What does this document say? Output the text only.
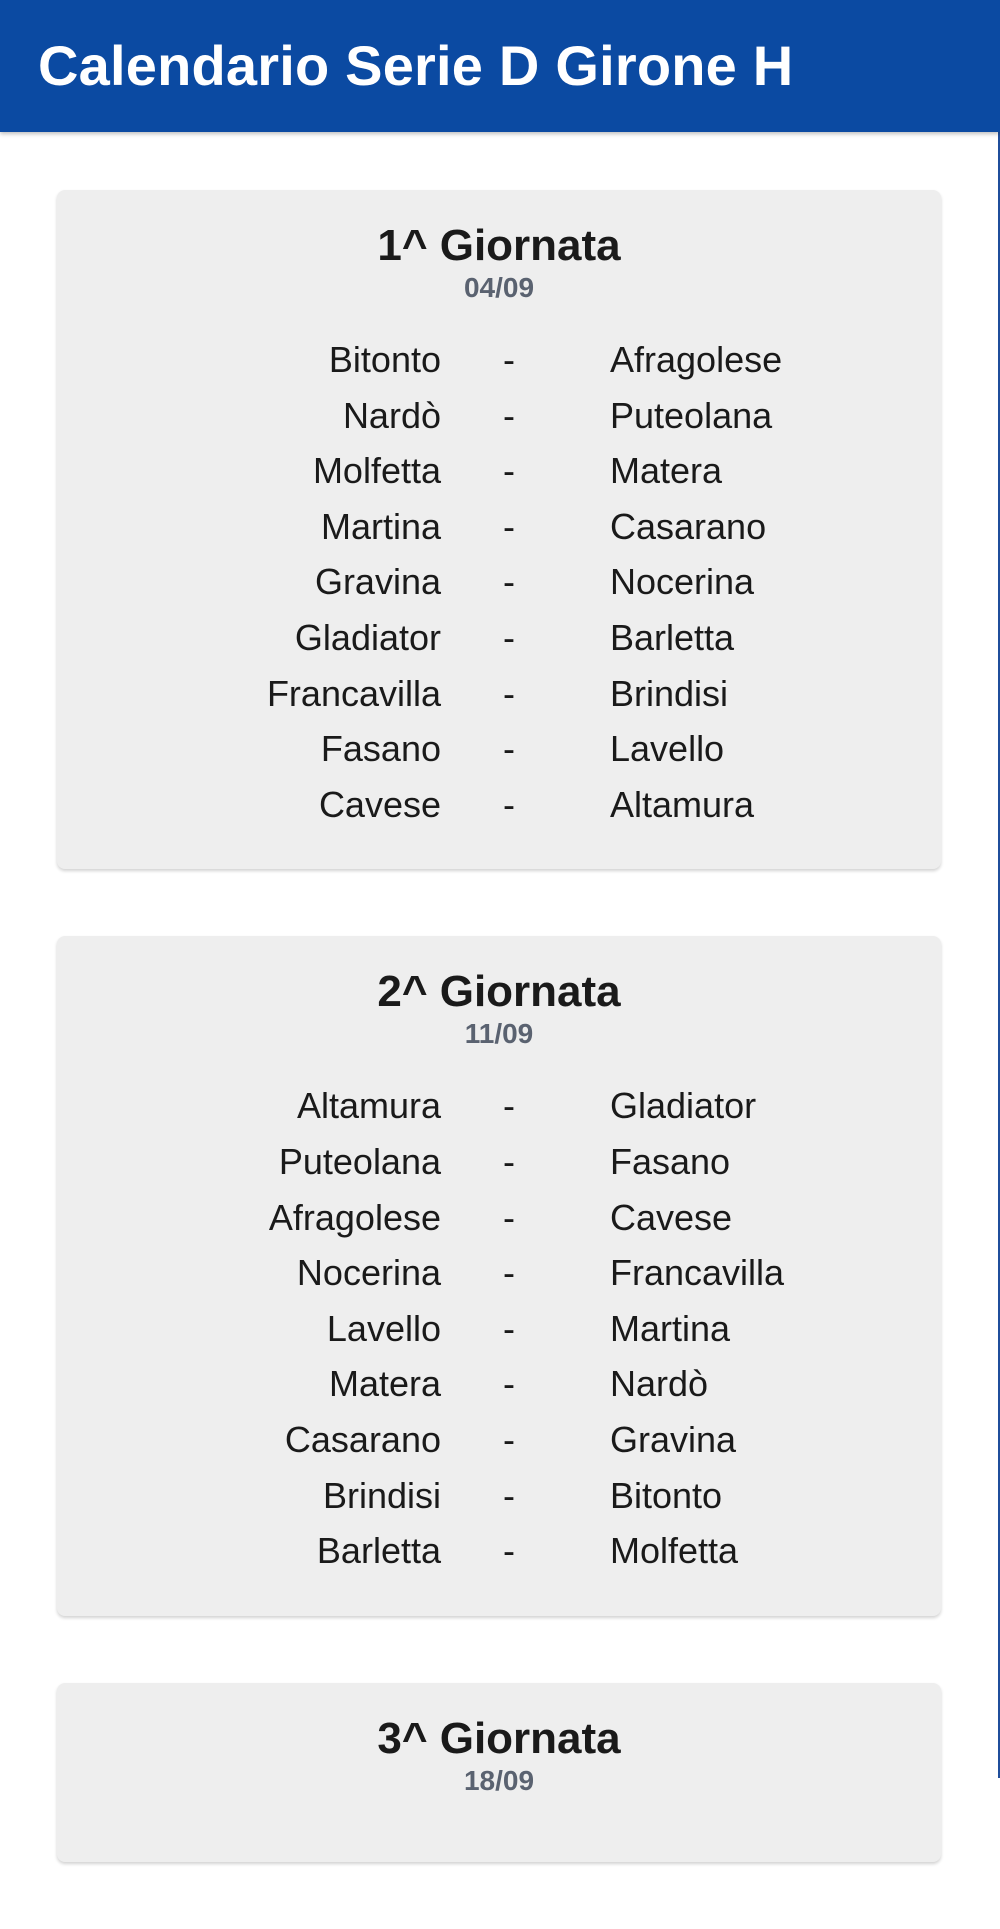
Calendario Serie D Girone H
1^ Giornata
04/09
Bitonto -	Afragolese
Nardò -	Puteolana
Molfetta -	Matera
Martina -	Casarano
Gravina -	Nocerina
Gladiator -	Barletta
Francavilla -	Brindisi
Fasano -	Lavello
Cavese -	Altamura
2^ Giornata
11/09
Altamura -	Gladiator
Puteolana -	Fasano
Afragolese -	Cavese
Nocerina -	Francavilla
Lavello -	Martina
Matera -	Nardò
Casarano -	Gravina
Brindisi -	Bitonto
Barletta -	Molfetta
3^ Giornata
18/09
